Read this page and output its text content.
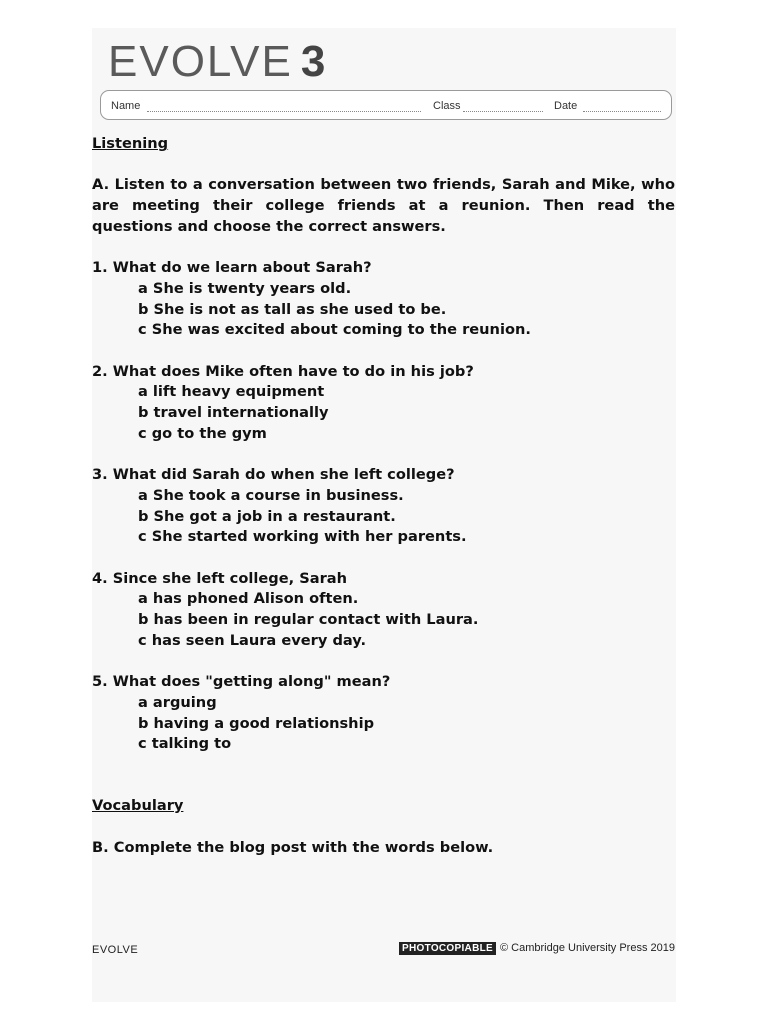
EVOLVE 3
Name	Class	Date

Listening

A. Listen to a conversation between two friends, Sarah and Mike, who are meeting their college friends at a reunion. Then read the questions and choose the correct answers.

1. What do we learn about Sarah?

a She is twenty years old.

b She is not as tall as she used to be.

c She was excited about coming to the reunion.

2. What does Mike often have to do in his job?

a lift heavy equipment

b travel internationally

c go to the gym

3. What did Sarah do when she left college?

a She took a course in business.

b She got a job in a restaurant.

c She started working with her parents.

4. Since she left college, Sarah

a has phoned Alison often.

b has been in regular contact with Laura.

c has seen Laura every day.

5. What does "getting along" mean?

a arguing

b having a good relationship

c talking to

Vocabulary

B. Complete the blog post with the words below.

EVOLVE	PHOTOCOPIABLE © Cambridge University Press 2019
